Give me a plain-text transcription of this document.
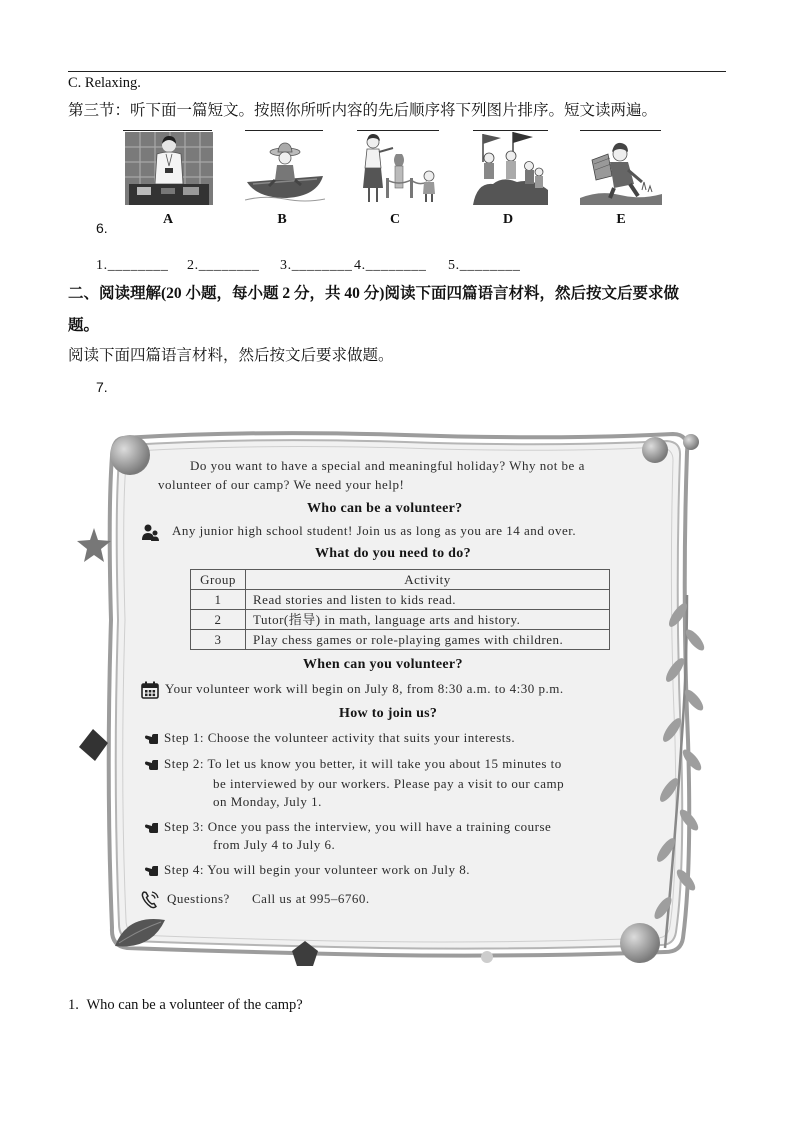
C. Relaxing.
第三节：听下面一篇短文。按照你所听内容的先后顺序将下列图片排序。短文读两遍。
A	B	C	D	E
6.
1.________ 2.________ 3.________ 4.________ 5.________
二、阅读理解(20 小题，每小题 2 分，共 40 分)阅读下面四篇语言材料，然后按文后要求做
题。
阅读下面四篇语言材料，然后按文后要求做题。
7.
Do you want to have a special and meaningful holiday? Why not be a
volunteer of our camp? We need your help!
Who can be a volunteer?
Any junior high school student! Join us as long as you are 14 and over.
What do you need to do?
Group	Activity
1	Read stories and listen to kids read.
2	Tutor(指导) in math, language arts and history.
3	Play chess games or role-playing games with children.
When can you volunteer?
Your volunteer work will begin on July 8, from 8:30 a.m. to 4:30 p.m.
How to join us?
Step 1: Choose the volunteer activity that suits your interests.
Step 2: To let us know you better, it will take you about 15 minutes to
be interviewed by our workers. Please pay a visit to our camp
on Monday, July 1.
Step 3: Once you pass the interview, you will have a training course
from July 4 to July 6.
Step 4: You will begin your volunteer work on July 8.
Questions? Call us at 995–6760.
1. Who can be a volunteer of the camp?
